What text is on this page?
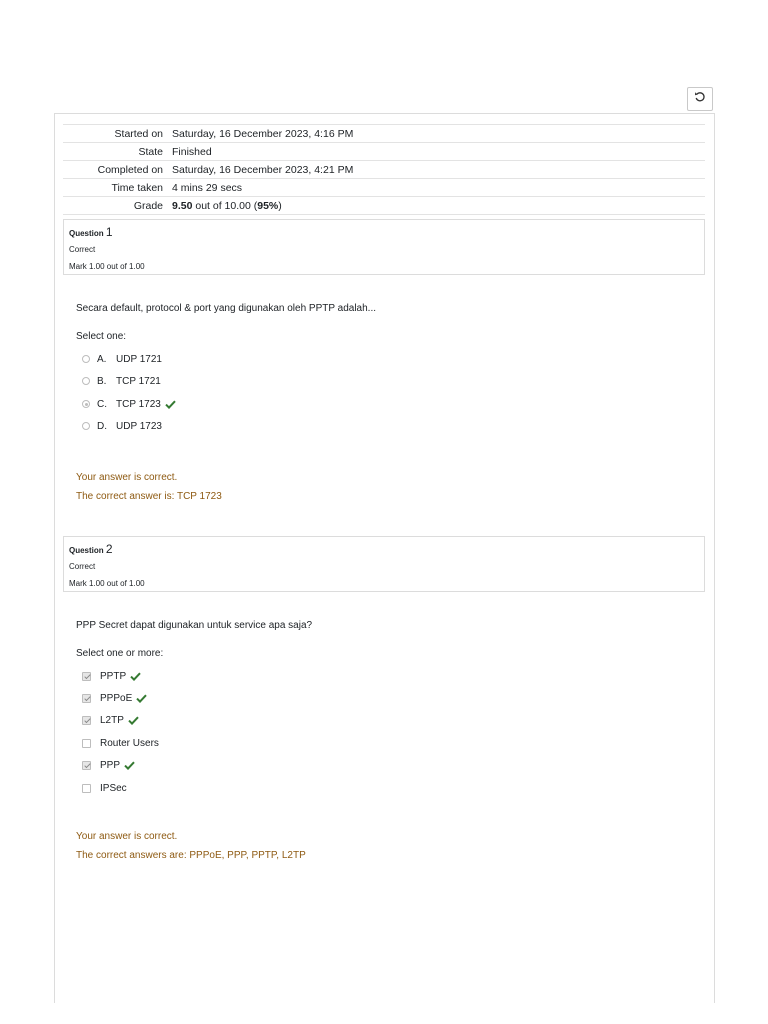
Started on	Saturday, 16 December 2023, 4:16 PM
State	Finished
Completed on	Saturday, 16 December 2023, 4:21 PM
Time taken	4 mins 29 secs
Grade	9.50 out of 10.00 (95%)
Question 1
Correct
Mark 1.00 out of 1.00
Secara default, protocol & port yang digunakan oleh PPTP adalah...
Select one:
A. UDP 1721
B. TCP 1721
C. TCP 1723
D. UDP 1723
Your answer is correct.
The correct answer is: TCP 1723
Question 2
Correct
Mark 1.00 out of 1.00
PPP Secret dapat digunakan untuk service apa saja?
Select one or more:
PPTP
PPPoE
L2TP
Router Users
PPP
IPSec
Your answer is correct.
The correct answers are: PPPoE, PPP, PPTP, L2TP
